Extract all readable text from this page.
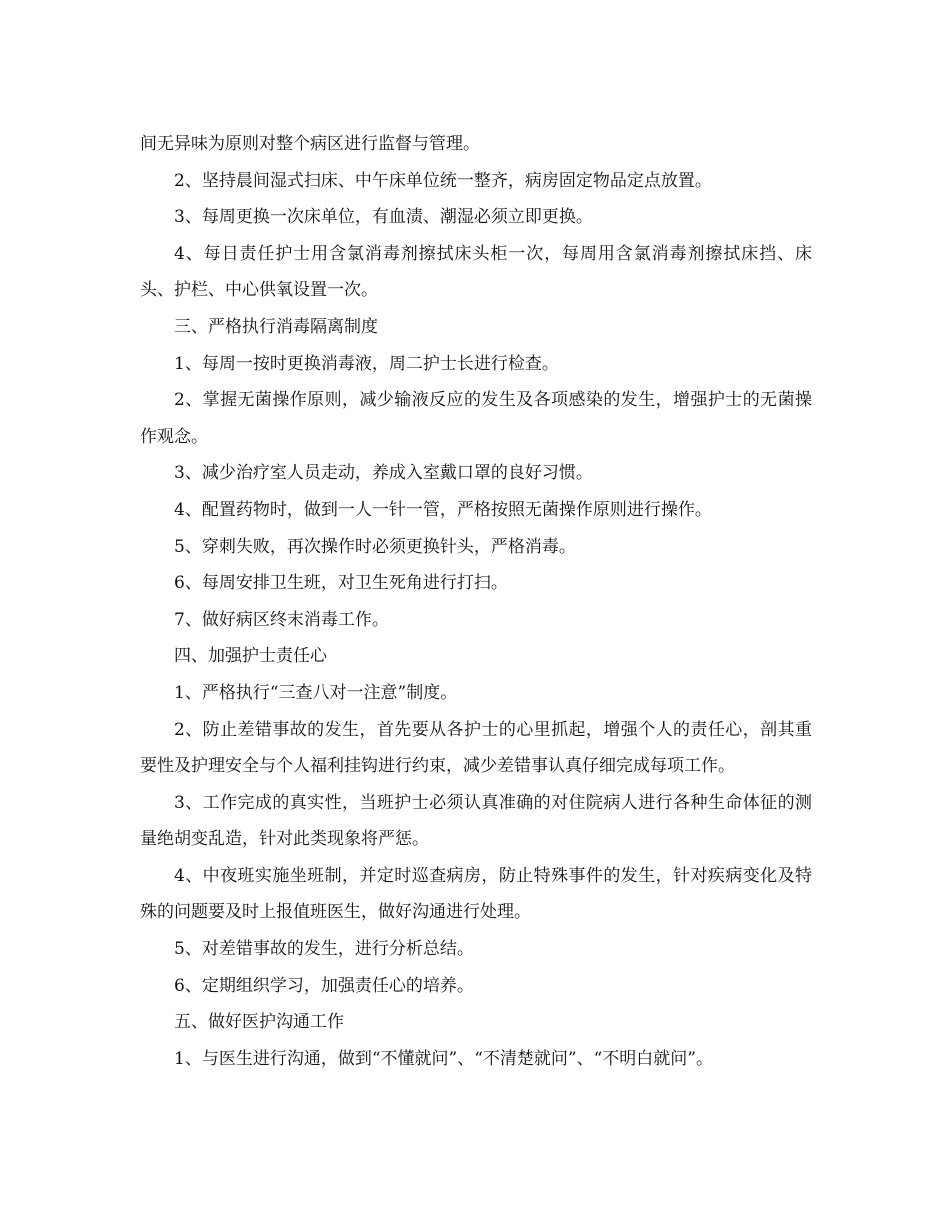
间无异味为原则对整个病区进行监督与管理。

2、坚持晨间湿式扫床、中午床单位统一整齐，病房固定物品定点放置。

3、每周更换一次床单位，有血渍、潮湿必须立即更换。

4、每日责任护士用含氯消毒剂擦拭床头柜一次，每周用含氯消毒剂擦拭床挡、床头、护栏、中心供氧设置一次。

三、严格执行消毒隔离制度

1、每周一按时更换消毒液，周二护士长进行检查。

2、掌握无菌操作原则，减少输液反应的发生及各项感染的发生，增强护士的无菌操作观念。

3、减少治疗室人员走动，养成入室戴口罩的良好习惯。

4、配置药物时，做到一人一针一管，严格按照无菌操作原则进行操作。

5、穿刺失败，再次操作时必须更换针头，严格消毒。

6、每周安排卫生班，对卫生死角进行打扫。

7、做好病区终末消毒工作。

四、加强护士责任心

1、严格执行“三查八对一注意”制度。

2、防止差错事故的发生，首先要从各护士的心里抓起，增强个人的责任心，剖其重要性及护理安全与个人福利挂钩进行约束，减少差错事认真仔细完成每项工作。

3、工作完成的真实性，当班护士必须认真准确的对住院病人进行各种生命体征的测量绝胡变乱造，针对此类现象将严惩。

4、中夜班实施坐班制，并定时巡查病房，防止特殊事件的发生，针对疾病变化及特殊的问题要及时上报值班医生，做好沟通进行处理。

5、对差错事故的发生，进行分析总结。

6、定期组织学习，加强责任心的培养。

五、做好医护沟通工作

1、与医生进行沟通，做到“不懂就问”、“不清楚就问”、“不明白就问”。
